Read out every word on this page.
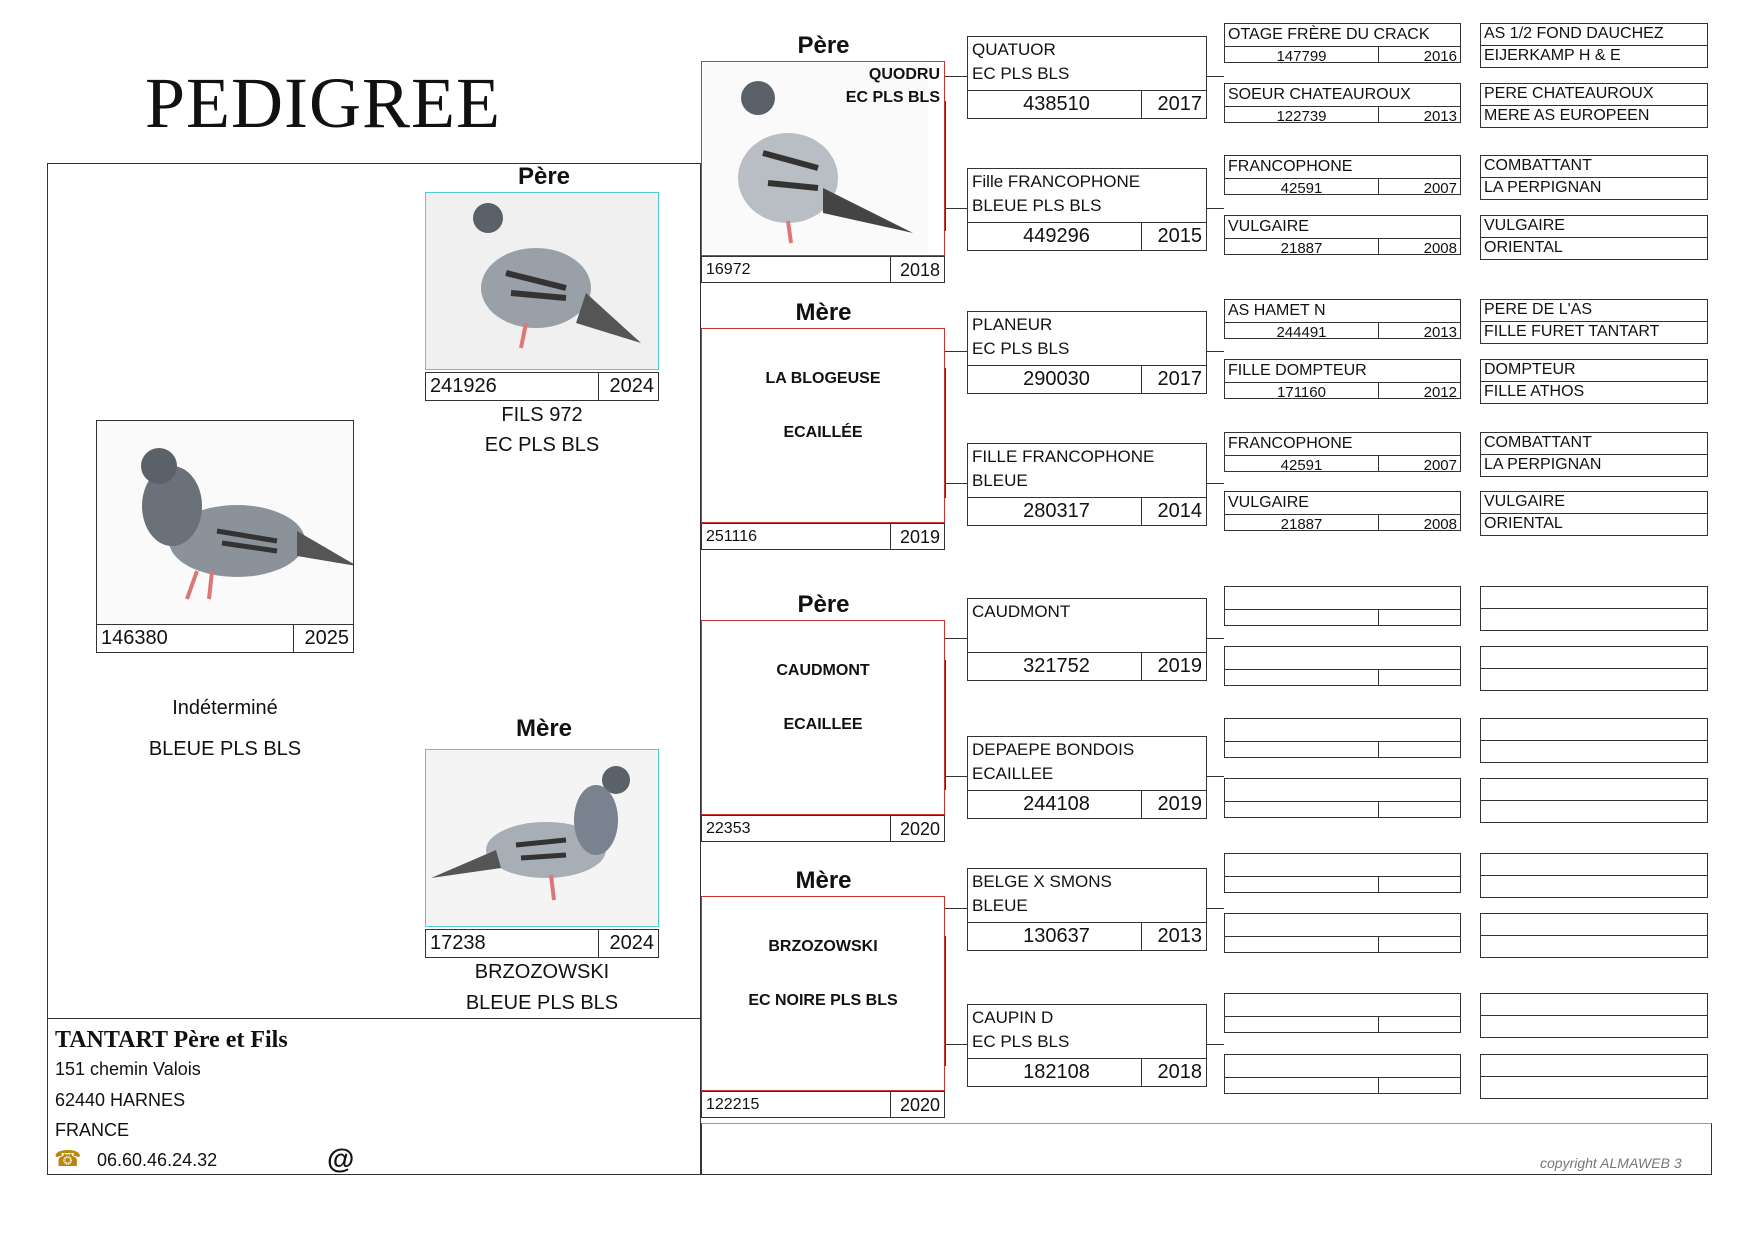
PEDIGREE
copyright ALMAWEB 3
146380	2025
Indéterminé
BLEUE PLS BLS
Père
241926	2024
FILS 972
EC PLS BLS
Mère
17238	2024
BRZOZOWSKI
BLEUE PLS BLS
TANTART Père et Fils
151 chemin Valois
62440 HARNES
FRANCE
☎ 06.60.46.24.32	@
Père
QUODRU
EC PLS BLS
16972	2018
Mère
LA BLOGEUSE
ECAILLÉE
251116	2019
Père
CAUDMONT
ECAILLEE
22353	2020
Mère
BRZOZOWSKI
EC NOIRE PLS BLS
122215	2020
QUATUOR
EC PLS BLS
438510	2017
Fille FRANCOPHONE
BLEUE PLS BLS
449296	2015
PLANEUR
EC PLS BLS
290030	2017
FILLE FRANCOPHONE
BLEUE
280317	2014
CAUDMONT
321752	2019
DEPAEPE BONDOIS
ECAILLEE
244108	2019
BELGE X SMONS
BLEUE
130637	2013
CAUPIN D
EC PLS BLS
182108	2018
OTAGE FRÈRE DU CRACK
147799	2016
AS 1/2 FOND DAUCHEZ
EIJERKAMP H & E
SOEUR CHATEAUROUX
122739	2013
PERE CHATEAUROUX
MERE AS EUROPEEN
FRANCOPHONE
42591	2007
COMBATTANT
LA PERPIGNAN
VULGAIRE
21887	2008
VULGAIRE
ORIENTAL
AS HAMET N
244491	2013
PERE DE L'AS
FILLE FURET TANTART
FILLE DOMPTEUR
171160	2012
DOMPTEUR
FILLE ATHOS
FRANCOPHONE
42591	2007
COMBATTANT
LA PERPIGNAN
VULGAIRE
21887	2008
VULGAIRE
ORIENTAL
